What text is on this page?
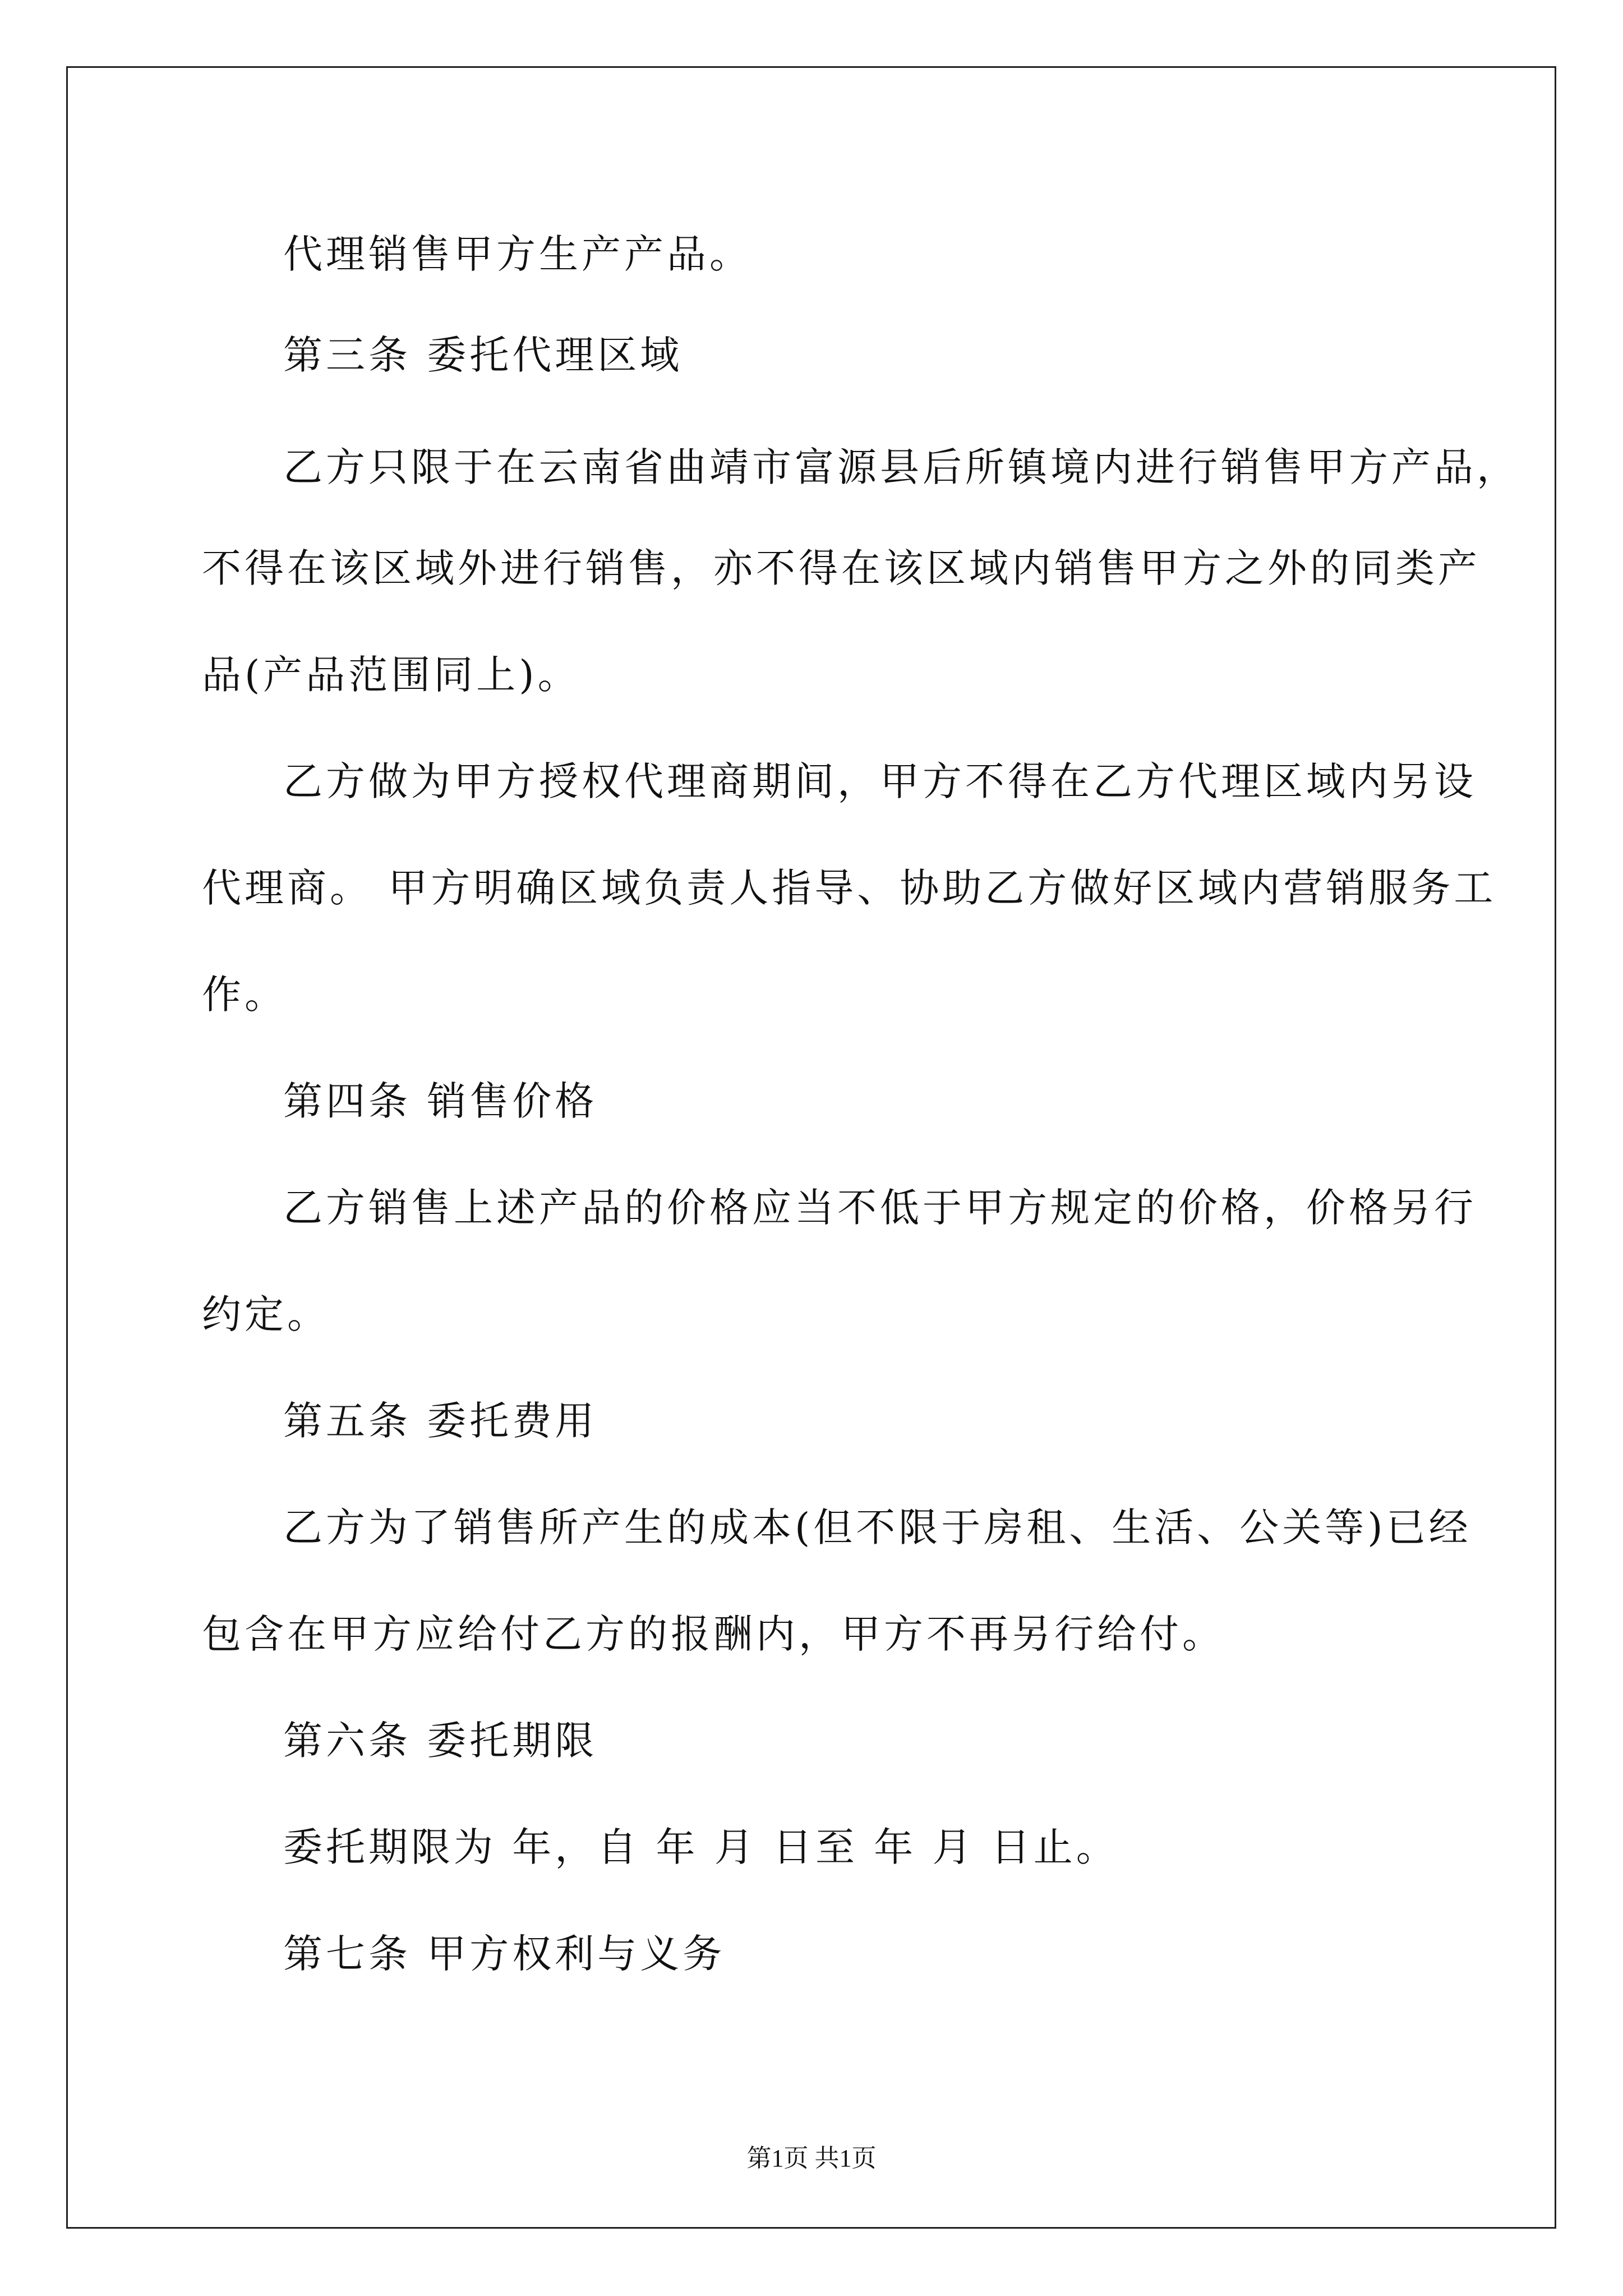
代理销售甲方生产产品。
第三条 委托代理区域
乙方只限于在云南省曲靖市富源县后所镇境内进行销售甲方产品，
不得在该区域外进行销售，亦不得在该区域内销售甲方之外的同类产
品(产品范围同上)。
乙方做为甲方授权代理商期间，甲方不得在乙方代理区域内另设
代理商。 甲方明确区域负责人指导、协助乙方做好区域内营销服务工
作。
第四条 销售价格
乙方销售上述产品的价格应当不低于甲方规定的价格，价格另行
约定。
第五条 委托费用
乙方为了销售所产生的成本(但不限于房租、生活、公关等)已经
包含在甲方应给付乙方的报酬内，甲方不再另行给付。
第六条 委托期限
委托期限为 年，自 年 月 日至 年 月 日止。
第七条 甲方权利与义务
第1页 共1页
